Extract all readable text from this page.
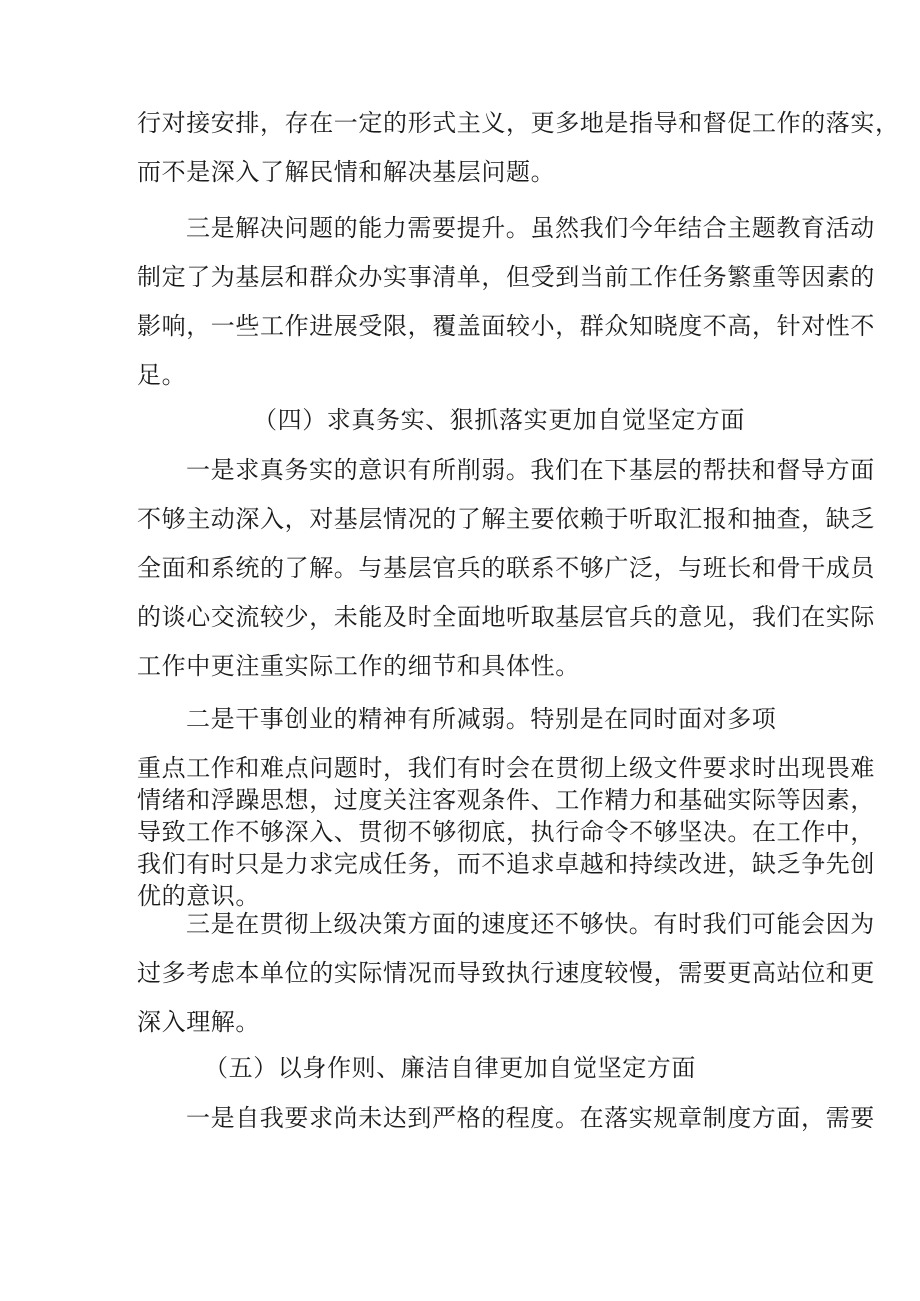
行对接安排，存在一定的形式主义，更多地是指导和督促工作的落实，
而不是深入了解民情和解决基层问题。
三是解决问题的能力需要提升。虽然我们今年结合主题教育活动
制定了为基层和群众办实事清单，但受到当前工作任务繁重等因素的
影响，一些工作进展受限，覆盖面较小，群众知晓度不高，针对性不
足。
（四）求真务实、狠抓落实更加自觉坚定方面
一是求真务实的意识有所削弱。我们在下基层的帮扶和督导方面
不够主动深入，对基层情况的了解主要依赖于听取汇报和抽查，缺乏
全面和系统的了解。与基层官兵的联系不够广泛，与班长和骨干成员
的谈心交流较少，未能及时全面地听取基层官兵的意见，我们在实际
工作中更注重实际工作的细节和具体性。
二是干事创业的精神有所减弱。特别是在同时面对多项
重点工作和难点问题时，我们有时会在贯彻上级文件要求时出现畏难
情绪和浮躁思想，过度关注客观条件、工作精力和基础实际等因素，
导致工作不够深入、贯彻不够彻底，执行命令不够坚决。在工作中，
我们有时只是力求完成任务，而不追求卓越和持续改进，缺乏争先创
优的意识。
三是在贯彻上级决策方面的速度还不够快。有时我们可能会因为
过多考虑本单位的实际情况而导致执行速度较慢，需要更高站位和更
深入理解。
（五）以身作则、廉洁自律更加自觉坚定方面
一是自我要求尚未达到严格的程度。在落实规章制度方面，需要
